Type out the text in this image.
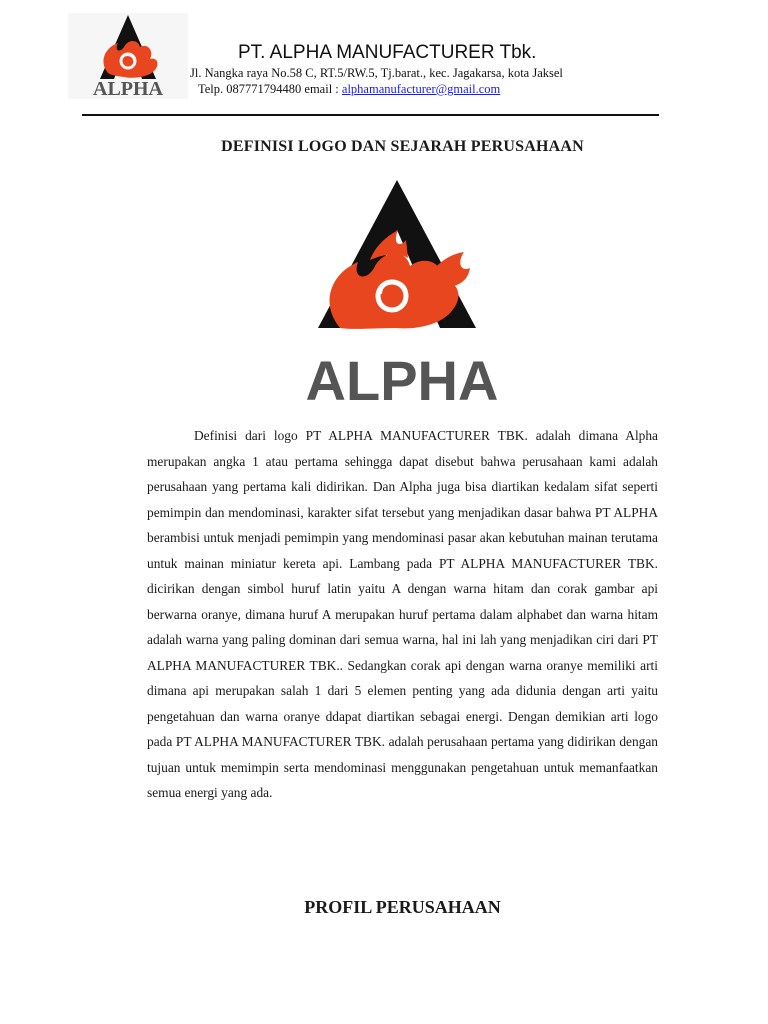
ALPHA
PT. ALPHA MANUFACTURER Tbk.
Jl. Nangka raya No.58 C, RT.5/RW.5, Tj.barat., kec. Jagakarsa, kota Jaksel
Telp. 087771794480 email : alphamanufacturer@gmail.com
DEFINISI LOGO DAN SEJARAH PERUSAHAAN
ALPHA

Definisi dari logo PT ALPHA MANUFACTURER TBK. adalah dimana Alpha merupakan angka 1 atau pertama sehingga dapat disebut bahwa perusahaan kami adalah perusahaan yang pertama kali didirikan. Dan Alpha juga bisa diartikan kedalam sifat seperti pemimpin dan mendominasi, karakter sifat tersebut yang menjadikan dasar bahwa PT ALPHA berambisi untuk menjadi pemimpin yang mendominasi pasar akan kebutuhan mainan terutama untuk mainan miniatur kereta api. Lambang pada PT ALPHA MANUFACTURER TBK. dicirikan dengan simbol huruf latin yaitu A dengan warna hitam dan corak gambar api berwarna oranye, dimana huruf A merupakan huruf pertama dalam alphabet dan warna hitam adalah warna yang paling dominan dari semua warna, hal ini lah yang menjadikan ciri dari PT ALPHA MANUFACTURER TBK.. Sedangkan corak api dengan warna oranye memiliki arti dimana api merupakan salah 1 dari 5 elemen penting yang ada didunia dengan arti yaitu pengetahuan dan warna oranye ddapat diartikan sebagai energi. Dengan demikian arti logo pada PT ALPHA MANUFACTURER TBK. adalah perusahaan pertama yang didirikan dengan tujuan untuk memimpin serta mendominasi menggunakan pengetahuan untuk memanfaatkan semua energi yang ada.

PROFIL PERUSAHAAN
